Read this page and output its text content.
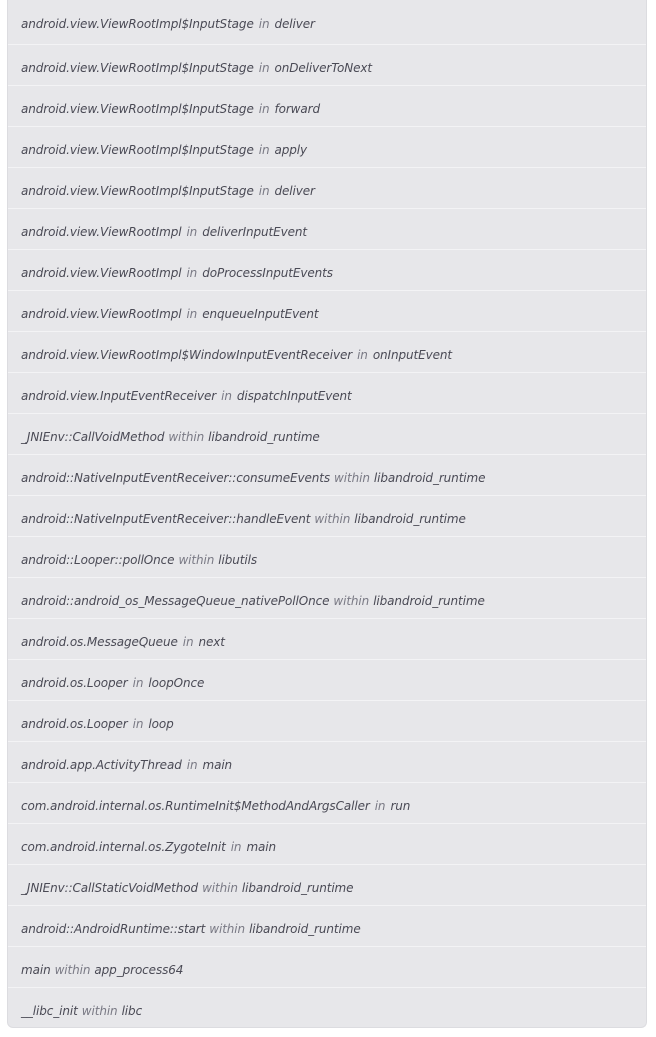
android.view.ViewRootImpl$InputStage in deliver
android.view.ViewRootImpl$InputStage in onDeliverToNext
android.view.ViewRootImpl$InputStage in forward
android.view.ViewRootImpl$InputStage in apply
android.view.ViewRootImpl$InputStage in deliver
android.view.ViewRootImpl in deliverInputEvent
android.view.ViewRootImpl in doProcessInputEvents
android.view.ViewRootImpl in enqueueInputEvent
android.view.ViewRootImpl$WindowInputEventReceiver in onInputEvent
android.view.InputEventReceiver in dispatchInputEvent
_JNIEnv::CallVoidMethod within libandroid_runtime
android::NativeInputEventReceiver::consumeEvents within libandroid_runtime
android::NativeInputEventReceiver::handleEvent within libandroid_runtime
android::Looper::pollOnce within libutils
android::android_os_MessageQueue_nativePollOnce within libandroid_runtime
android.os.MessageQueue in next
android.os.Looper in loopOnce
android.os.Looper in loop
android.app.ActivityThread in main
com.android.internal.os.RuntimeInit$MethodAndArgsCaller in run
com.android.internal.os.ZygoteInit in main
_JNIEnv::CallStaticVoidMethod within libandroid_runtime
android::AndroidRuntime::start within libandroid_runtime
main within app_process64
__libc_init within libc
